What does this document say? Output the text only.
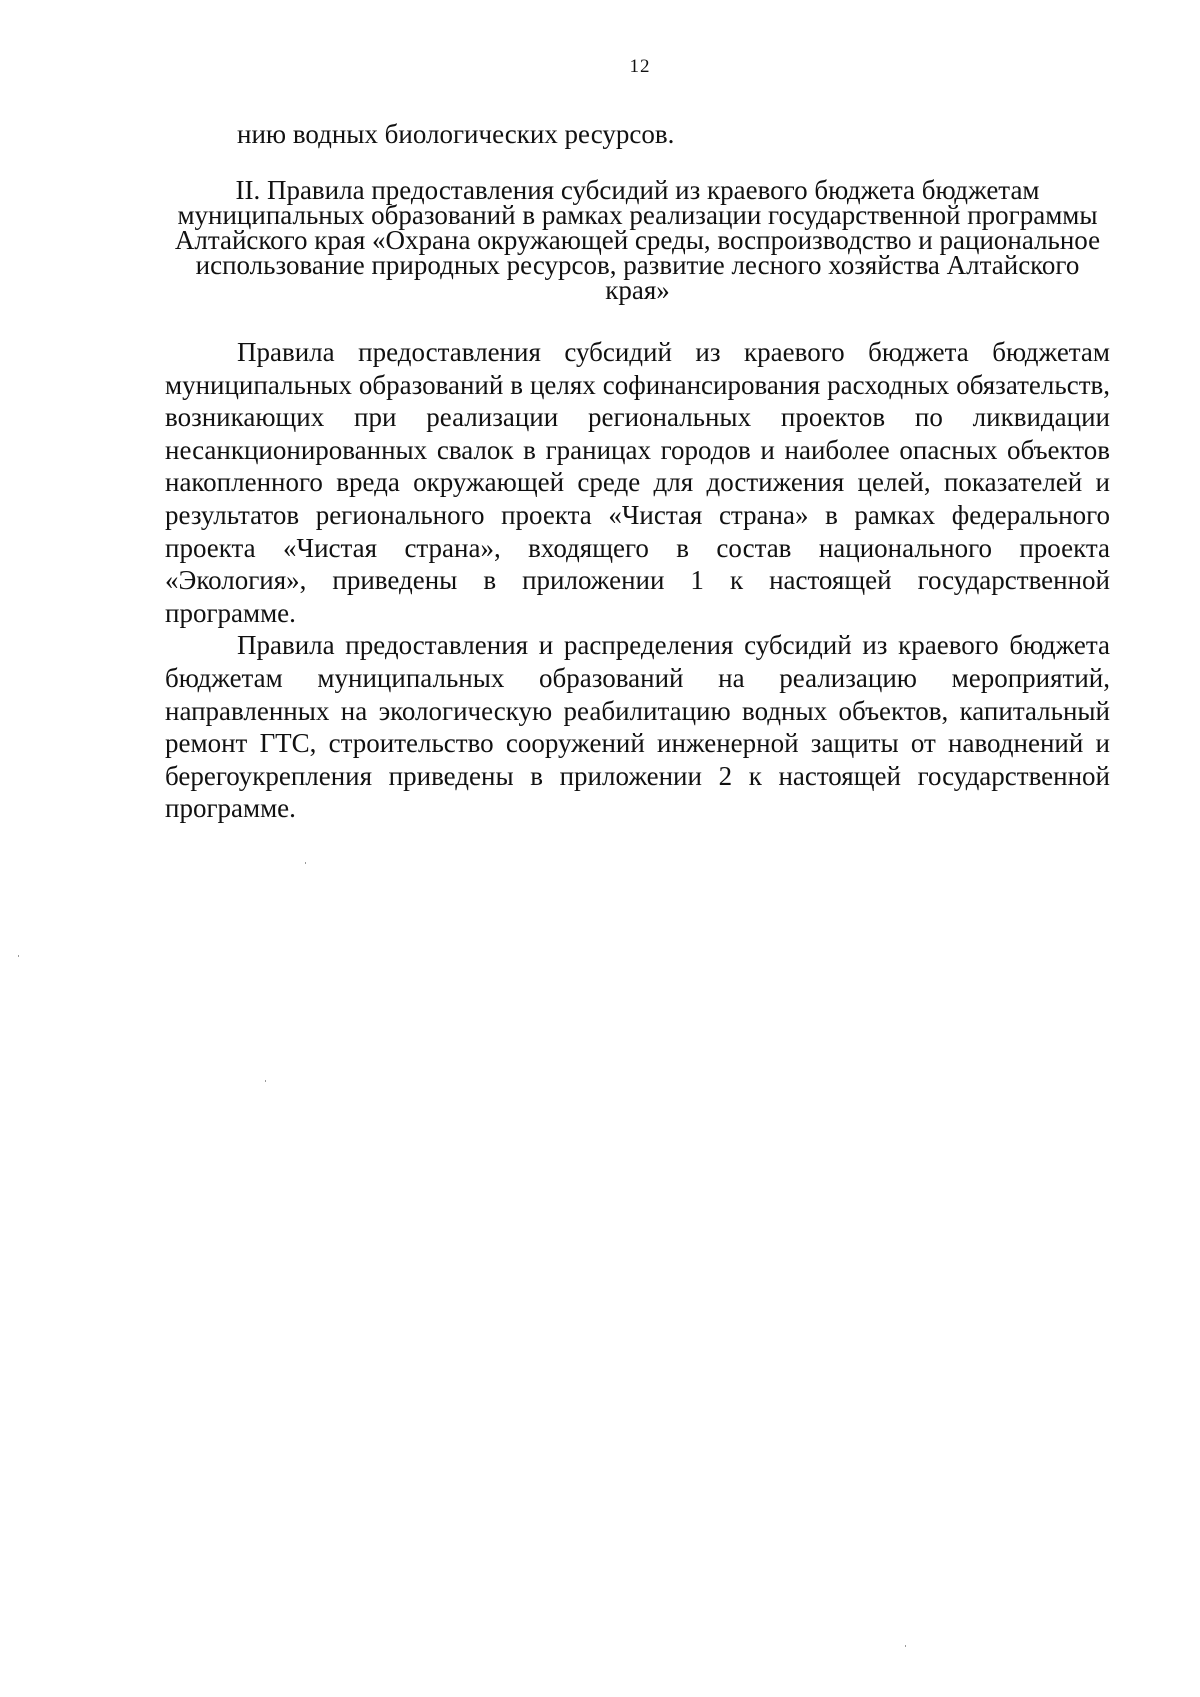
12
нию водных биологических ресурсов.
II. Правила предоставления субсидий из краевого бюджета бюджетам муниципальных образований в рамках реализации государственной программы Алтайского края «Охрана окружающей среды, воспроизводство и рациональное использование природных ресурсов, развитие лесного хозяйства Алтайского края»

Правила предоставления субсидий из краевого бюджета бюджетам муниципальных образований в целях софинансирования расходных обязательств, возникающих при реализации региональных проектов по ликвидации несанкционированных свалок в границах городов и наиболее опасных объектов накопленного вреда окружающей среде для достижения целей, показателей и результатов регионального проекта «Чистая страна» в рамках федерального проекта «Чистая страна», входящего в состав национального проекта «Экология», приведены в приложении 1 к настоящей государственной программе.

Правила предоставления и распределения субсидий из краевого бюджета бюджетам муниципальных образований на реализацию мероприятий, направленных на экологическую реабилитацию водных объектов, капитальный ремонт ГТС, строительство сооружений инженерной защиты от наводнений и берегоукрепления приведены в приложении 2 к настоящей государственной программе.
